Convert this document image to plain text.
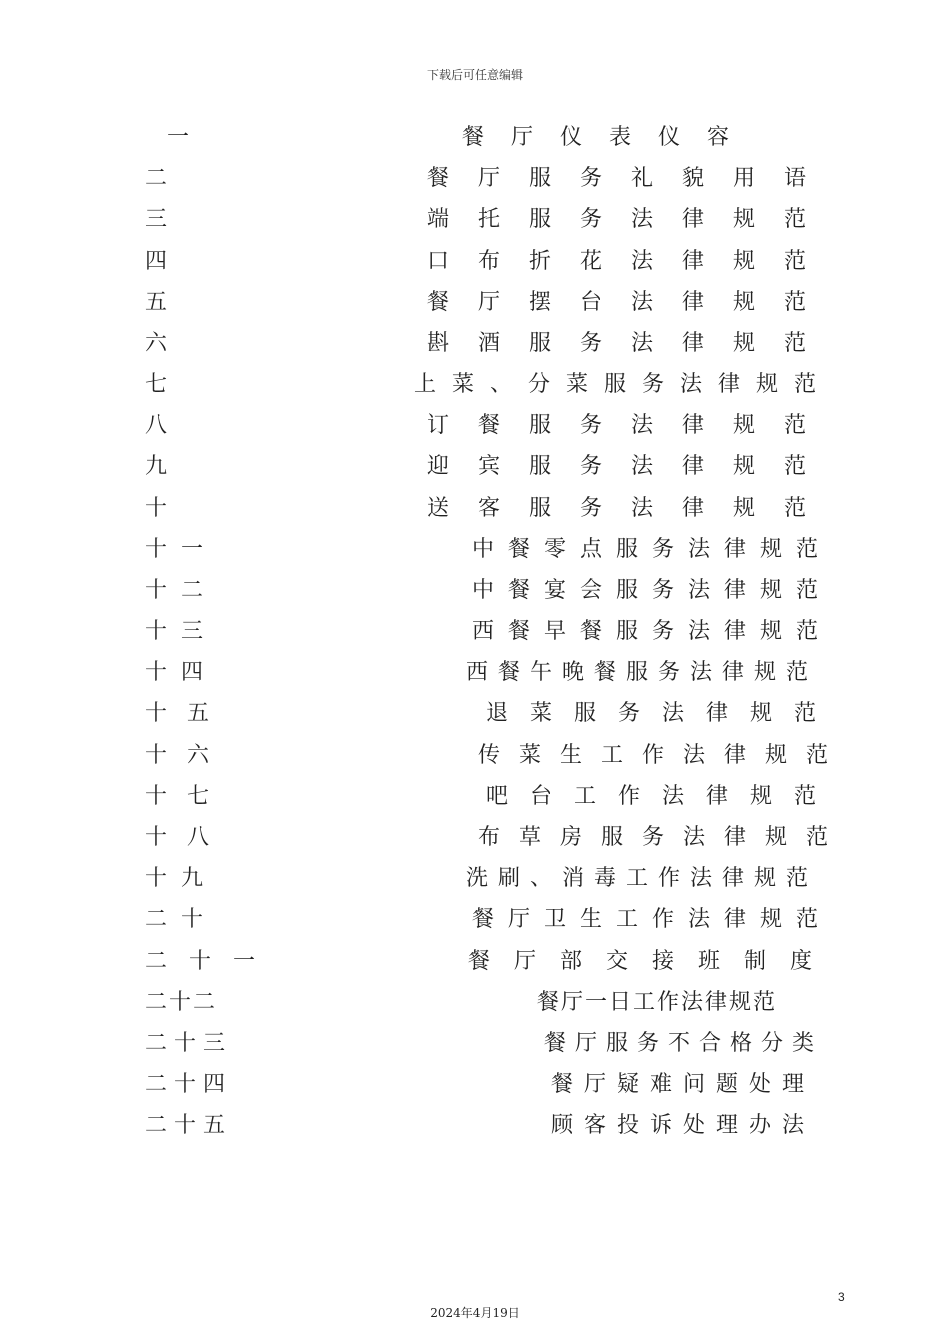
下载后可任意编辑
一	餐厅仪表仪容
二	餐厅服务礼貌用语
三	端托服务法律规范
四	口布折花法律规范
五	餐厅摆台法律规范
六	斟酒服务法律规范
七	上菜、分菜服务法律规范
八	订餐服务法律规范
九	迎宾服务法律规范
十	送客服务法律规范
十一	中餐零点服务法律规范
十二	中餐宴会服务法律规范
十三	西餐早餐服务法律规范
十四	西餐午晚餐服务法律规范
十五	退菜服务法律规范
十六	传菜生工作法律规范
十七	吧台工作法律规范
十八	布草房服务法律规范
十九	洗刷、消毒工作法律规范
二十	餐厅卫生工作法律规范
二十一	餐厅部交接班制度
二十二	餐厅一日工作法律规范
二十三	餐厅服务不合格分类
二十四	餐厅疑难问题处理
二十五	顾客投诉处理办法
3
2024年4月19日
